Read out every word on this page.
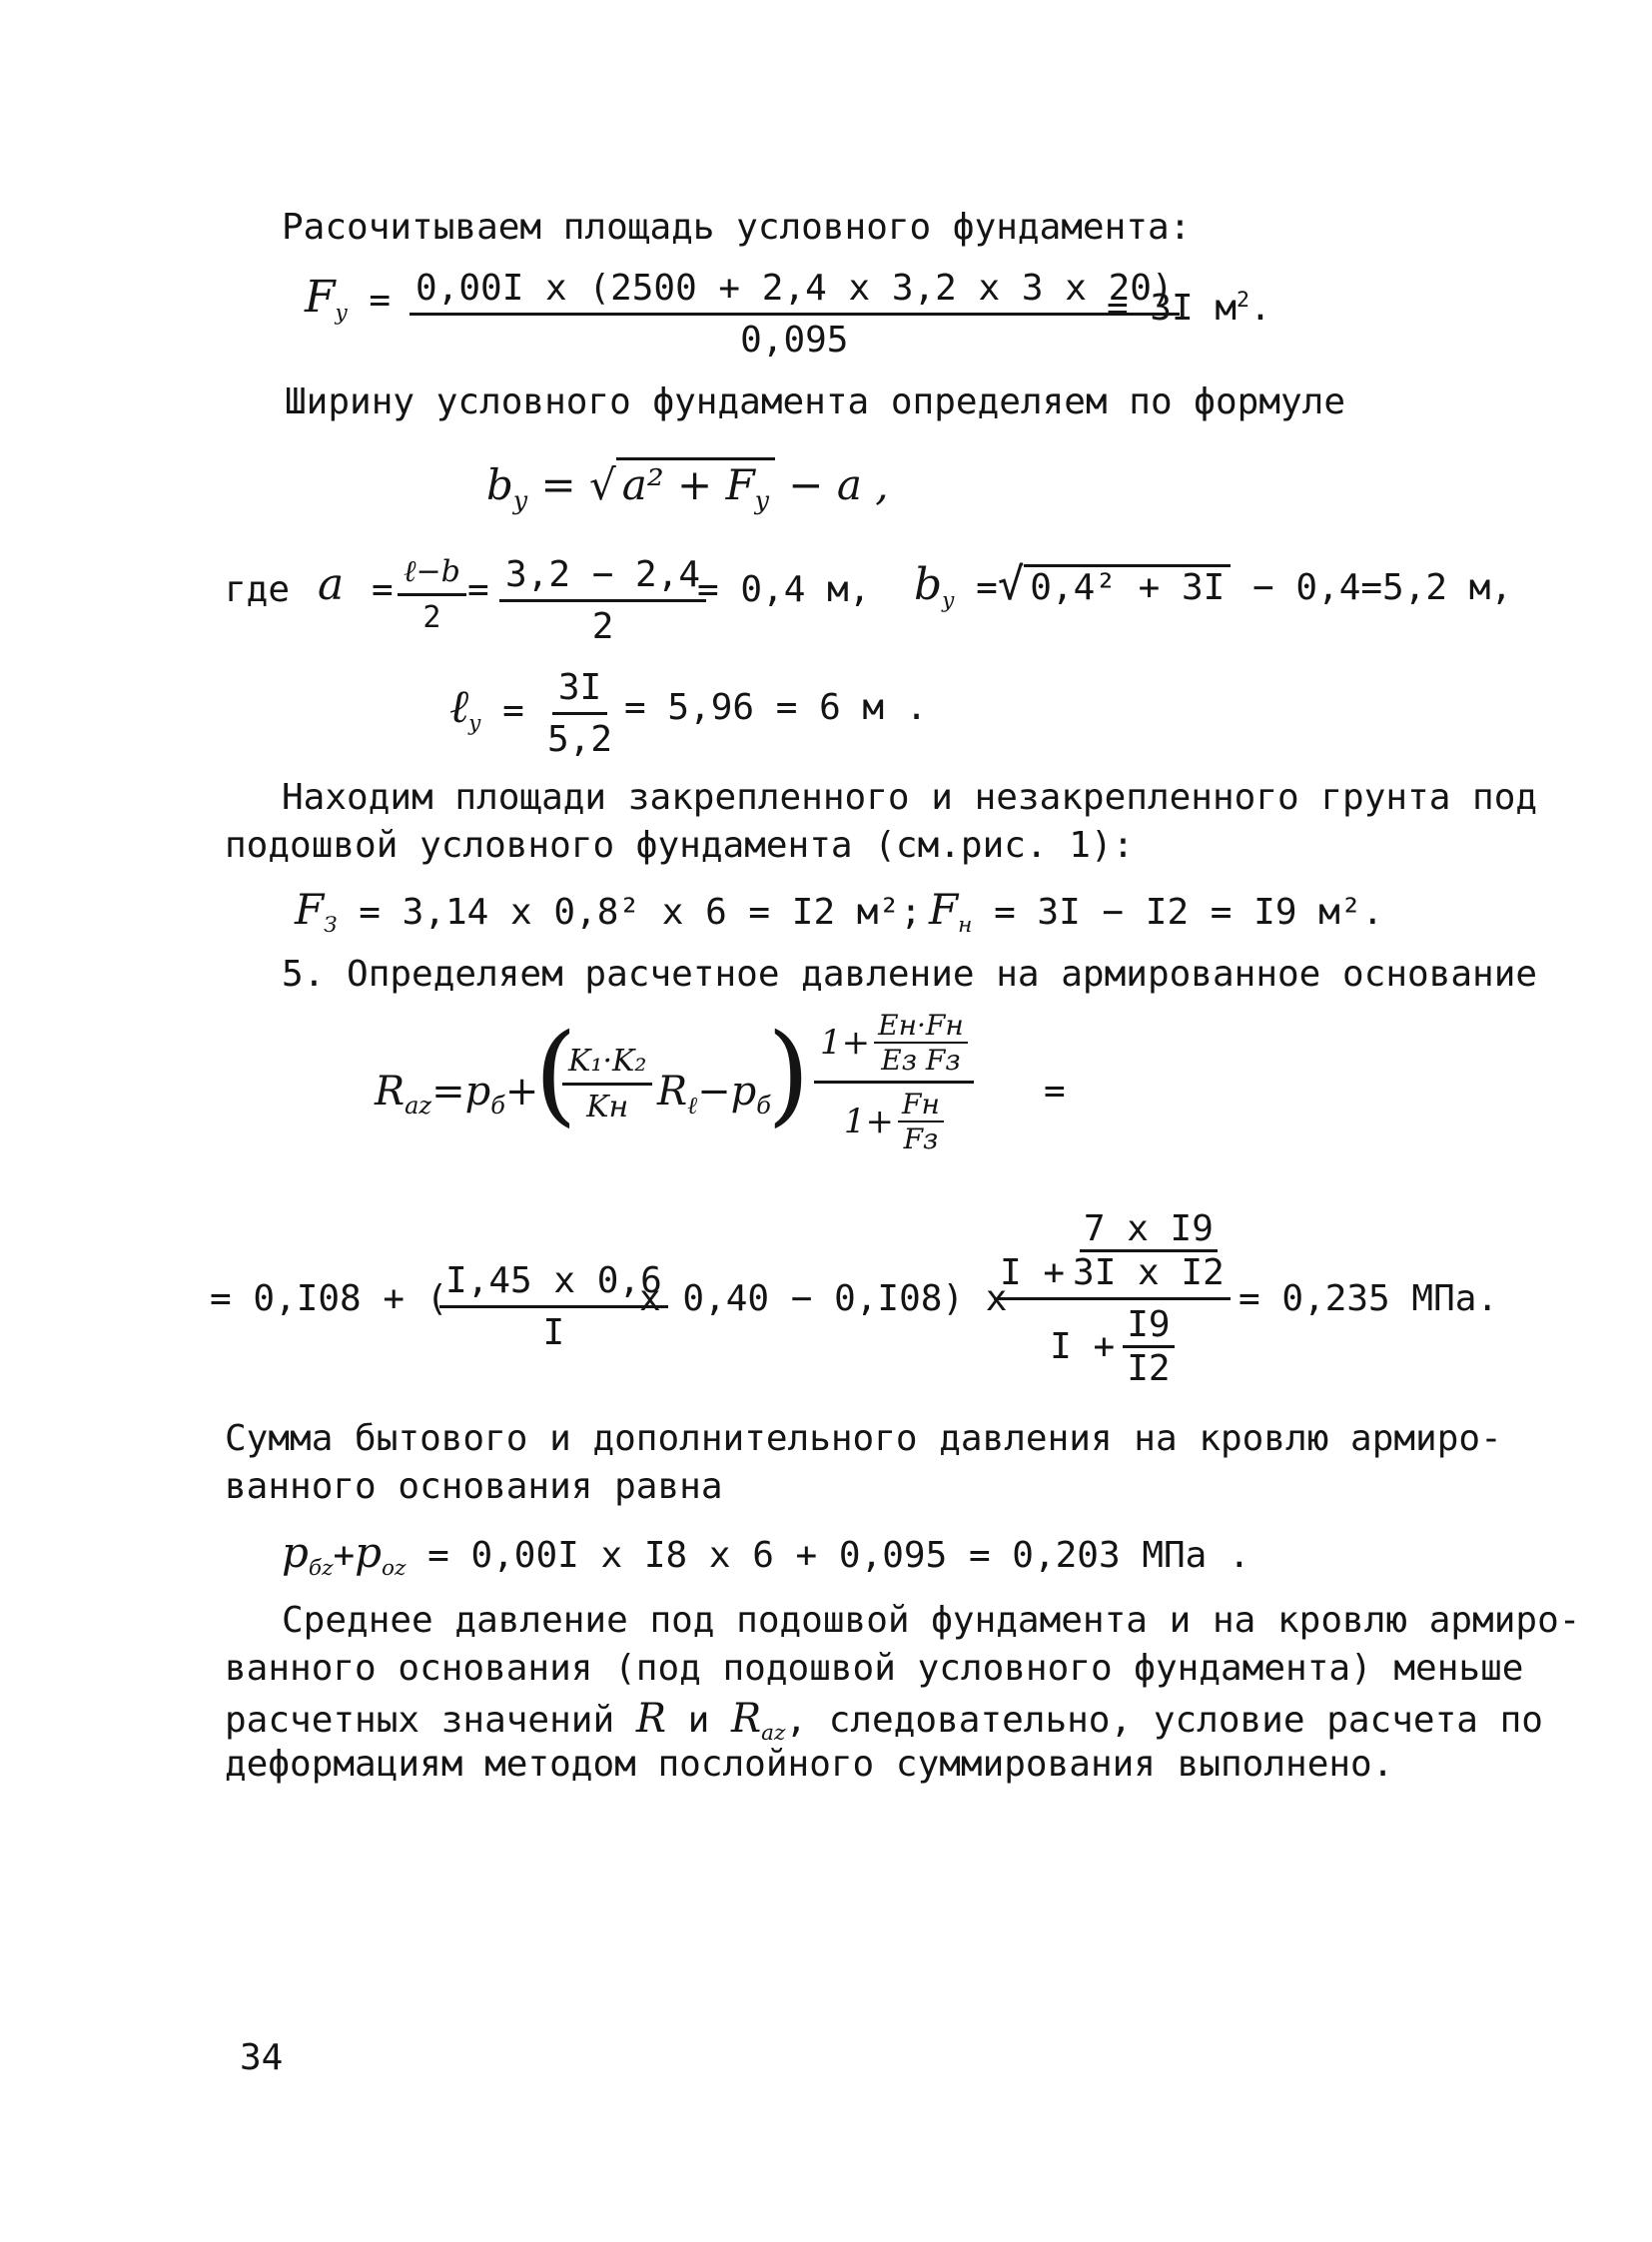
Расочитываем площадь условного фундамента:
$F_y = \frac{\text{0,00I x (2500 + 2,4 x 3,2 x 3 x 20)}}{0,095}$
= 3I $м^2$.
Ширину условного фундамента определяем по формуле
$b_y$ = √ $a^2 + F_y - a$ ,
где a = ℓ−b
2
= $\frac{3,2 - 2,4}{2}$
= 0,4 м, $b_y$ =√ 0,4² + 3I − 0,4=5,2 м,
ℓ$_y$ = $\frac{3I}{5,2} = 5,96 = 6$ м .
Находим площади закрепленного и незакрепленного грунта под
подошвой условного фундамента (см.рис. 1):
$F_З = 3,14$ x 0,8² x 6 = I2 м²; $F_н = 3I - I2 = I9$ м².
5. Определяем расчетное давление на армированное основание
$R_{az}=p_б+$
(
K₁·K₂
Kн $R_\ell-p_б$
) 1+ Eн·Fн
Eз Fз
1+ Fн
Fз
=
= 0,I08 + (
$\frac{I,45 x 0,6}{I}$
x 0,40 − 0,I08) x
$\frac{I + \frac{\text{7 x I9}}{\text{3I x I2}}}{I + \frac{I9}{I2}} = 0,235$ МПа.
Сумма бытового и дополнительного давления на кровлю армиро-
ванного основания равна
$p_{бz}+p_{oz} = 0,00I$ x I8 x 6 + 0,095 = 0,203 МПа .
Среднее давление под подошвой фундамента и на кровлю армиро-
ванного основания (под подошвой условного фундамента) меньше
расчетных значений R и $R_{az}$, следовательно, условие расчета по
деформациям методом послойного суммирования выполнено.
34
